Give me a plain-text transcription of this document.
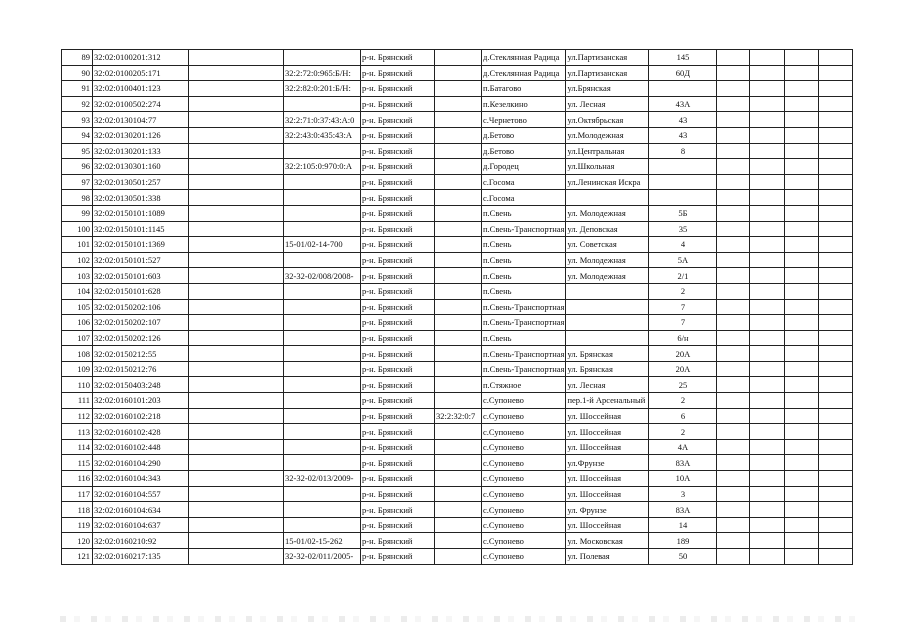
89	32:02:0100201:312			р-н. Брянский		д.Стеклянная Радица	ул.Партизанская	145				
90	32:02:0100205:171		32:2:72:0:965:Б/Н:	р-н. Брянский		д.Стеклянная Радица	ул.Партизанская	60Д				
91	32:02:0100401:123		32:2:82:0:201:Б/Н:	р-н. Брянский		п.Батагово	ул.Брянская					
92	32:02:0100502:274			р-н. Брянский		п.Кезелкино	ул. Лесная	43А				
93	32:02:0130104:77		32:2:71:0:37:43:А:0	р-н. Брянский		с.Чернетово	ул.Октябрьская	43				
94	32:02:0130201:126		32:2:43:0:435:43:А	р-н. Брянский		д.Бетово	ул.Молодежная	43				
95	32:02:0130201:133			р-н. Брянский		д.Бетово	ул.Центральная	8				
96	32:02:0130301:160		32:2:105:0:970:0:А	р-н. Брянский		д.Городец	ул.Школьная					
97	32:02:0130501:257			р-н. Брянский		с.Госома	ул.Ленинская Искра					
98	32:02:0130501:338			р-н. Брянский		с.Госома						
99	32:02:0150101:1089			р-н. Брянский		п.Свень	ул. Молодежная	5Б				
100	32:02:0150101:1145			р-н. Брянский		п.Свень-Транспортная	ул. Деповская	35				
101	32:02:0150101:1369		15-01/02-14-700	р-н. Брянский		п.Свень	ул. Советская	4				
102	32:02:0150101:527			р-н. Брянский		п.Свень	ул. Молодежная	5А				
103	32:02:0150101:603		32-32-02/008/2008-	р-н. Брянский		п.Свень	ул. Молодежная	2/1				
104	32:02:0150101:628			р-н. Брянский		п.Свень		2				
105	32:02:0150202:106			р-н. Брянский		п.Свень-Транспортная		7				
106	32:02:0150202:107			р-н. Брянский		п.Свень-Транспортная		7				
107	32:02:0150202:126			р-н. Брянский		п.Свень		6/н				
108	32:02:0150212:55			р-н. Брянский		п.Свень-Транспортная	ул. Брянская	20А				
109	32:02:0150212:76			р-н. Брянский		п.Свень-Транспортная	ул. Брянская	20А				
110	32:02:0150403:248			р-н. Брянский		п.Стяжное	ул. Лесная	25				
111	32:02:0160101:203			р-н. Брянский		с.Супонево	пер.1-й Арсенальный	2				
112	32:02:0160102:218			р-н. Брянский	32:2:32:0:7	с.Супонево	ул. Шоссейная	6				
113	32:02:0160102:428			р-н. Брянский		с.Супонево	ул. Шоссейная	2				
114	32:02:0160102:448			р-н. Брянский		с.Супонево	ул. Шоссейная	4А				
115	32:02:0160104:290			р-н. Брянский		с.Супонево	ул.Фрунзе	83А				
116	32:02:0160104:343		32-32-02/013/2009-	р-н. Брянский		с.Супонево	ул. Шоссейная	10А				
117	32:02:0160104:557			р-н. Брянский		с.Супонево	ул. Шоссейная	3				
118	32:02:0160104:634			р-н. Брянский		с.Супонево	ул. Фрунзе	83А				
119	32:02:0160104:637			р-н. Брянский		с.Супонево	ул. Шоссейная	14				
120	32:02:0160210:92		15-01/02-15-262	р-н. Брянский		с.Супонево	ул. Московская	189				
121	32:02:0160217:135		32-32-02/011/2005-	р-н. Брянский		с.Супонево	ул. Полевая	50				
